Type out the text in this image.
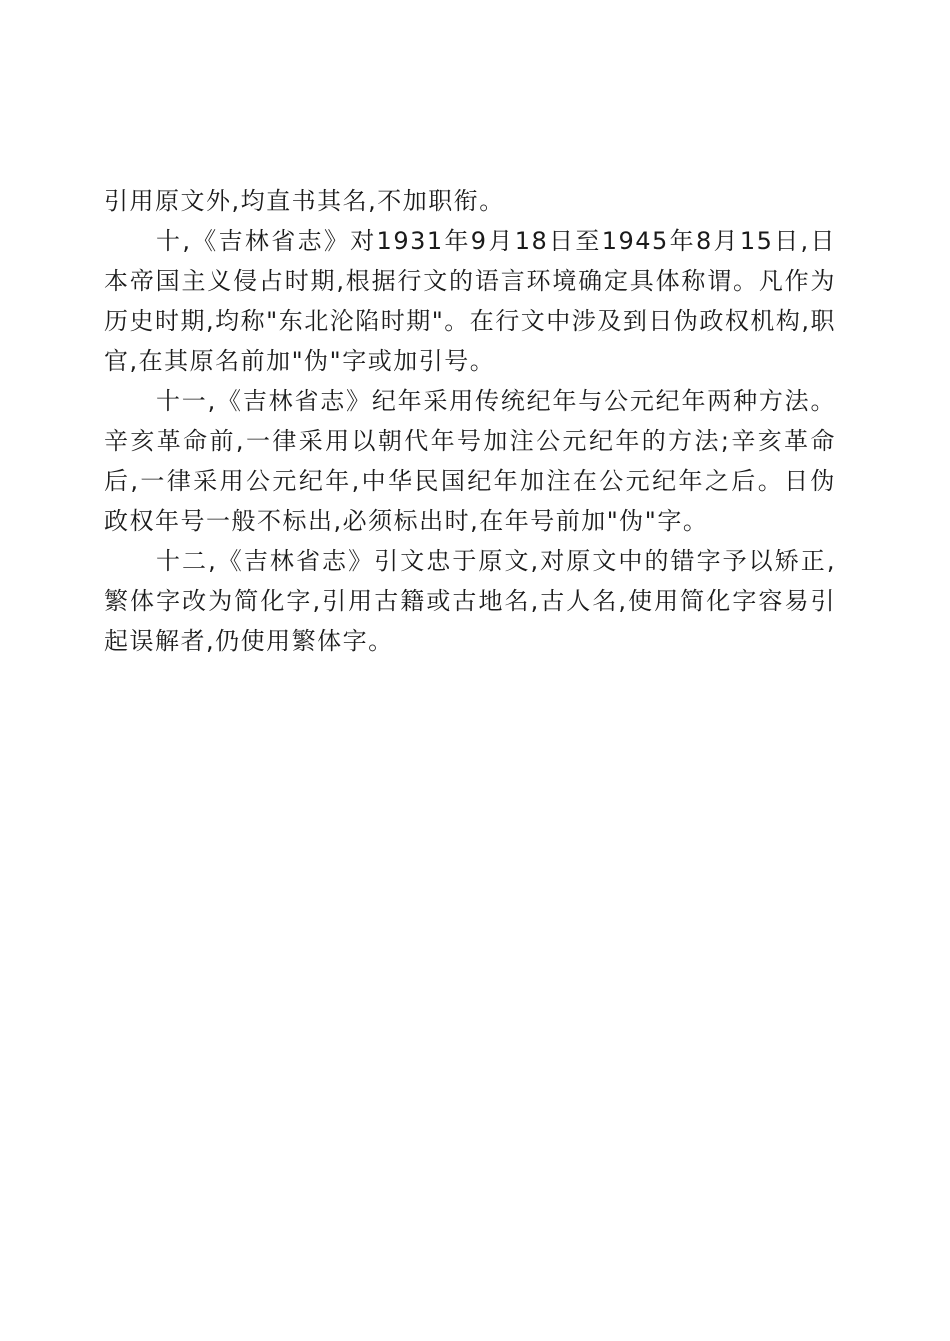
引用原文外,均直书其名,不加职衔。

十,《吉林省志》对1931年9月18日至1945年8月15日,日本帝国主义侵占时期,根据行文的语言环境确定具体称谓。凡作为历史时期,均称"东北沦陷时期"。在行文中涉及到日伪政权机构,职官,在其原名前加"伪"字或加引号。

十一,《吉林省志》纪年采用传统纪年与公元纪年两种方法。辛亥革命前,一律采用以朝代年号加注公元纪年的方法;辛亥革命后,一律采用公元纪年,中华民国纪年加注在公元纪年之后。日伪政权年号一般不标出,必须标出时,在年号前加"伪"字。

十二,《吉林省志》引文忠于原文,对原文中的错字予以矫正,繁体字改为简化字,引用古籍或古地名,古人名,使用简化字容易引起误解者,仍使用繁体字。
